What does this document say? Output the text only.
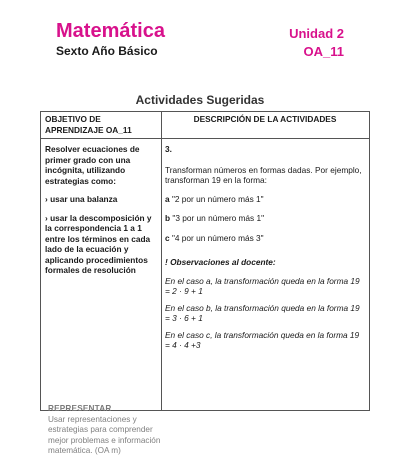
Matemática
Sexto Año Básico
Unidad 2
OA_11
Actividades Sugeridas
OBJETIVO DE APRENDIZAJE OA_11
DESCRIPCIÓN DE LA ACTIVIDADES
Resolver ecuaciones de primer grado con una incógnita, utilizando estrategias como:
› usar una balanza
› usar la descomposición y la correspondencia 1 a 1 entre los términos en cada lado de la ecuación y aplicando procedimientos formales de resolución
REPRESENTAR
Usar representaciones y estrategias para comprender mejor problemas e información matemática. (OA m)
3.
Transforman números en formas dadas. Por ejemplo, transforman 19 en la forma:
a "2 por un número más 1"
b "3 por un número más 1"
c "4 por un número más 3"
! Observaciones al docente:
En el caso a, la transformación queda en la forma 19 = 2 · 9 + 1
En el caso b, la transformación queda en la forma 19 = 3 · 6 + 1
En el caso c, la transformación queda en la forma 19 = 4 · 4 +3
